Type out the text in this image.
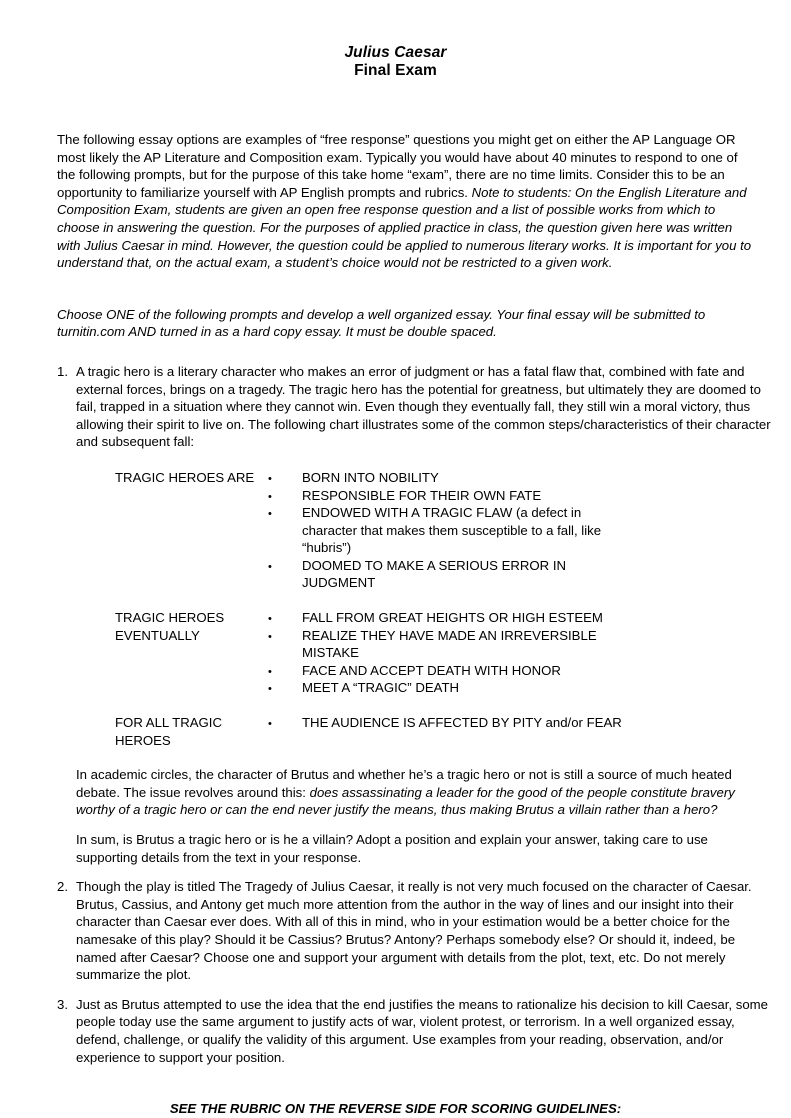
Julius Caesar
Final Exam

The following essay options are examples of “free response” questions you might get on either the AP Language OR most likely the AP Literature and Composition exam. Typically you would have about 40 minutes to respond to one of the following prompts, but for the purpose of this take home “exam”, there are no time limits. Consider this to be an opportunity to familiarize yourself with AP English prompts and rubrics. Note to students: On the English Literature and Composition Exam, students are given an open free response question and a list of possible works from which to choose in answering the question. For the purposes of applied practice in class, the question given here was written with Julius Caesar in mind. However, the question could be applied to numerous literary works. It is important for you to understand that, on the actual exam, a student’s choice would not be restricted to a given work.

Choose ONE of the following prompts and develop a well organized essay. Your final essay will be submitted to turnitin.com AND turned in as a hard copy essay. It must be double spaced.

1. A tragic hero is a literary character who makes an error of judgment or has a fatal flaw that, combined with fate and external forces, brings on a tragedy. The tragic hero has the potential for greatness, but ultimately they are doomed to fail, trapped in a situation where they cannot win. Even though they eventually fall, they still win a moral victory, thus allowing their spirit to live on. The following chart illustrates some of the common steps/characteristics of their character and subsequent fall:
TRAGIC HEROES ARE •	BORN INTO NOBILITY
•
RESPONSIBLE FOR THEIR OWN FATE
•
ENDOWED WITH A TRAGIC FLAW (a defect in character that makes them susceptible to a fall, like “hubris”)
•
DOOMED TO MAKE A SERIOUS ERROR IN JUDGMENT
TRAGIC HEROES EVENTUALLY
•
FALL FROM GREAT HEIGHTS OR HIGH ESTEEM
•
REALIZE THEY HAVE MADE AN IRREVERSIBLE MISTAKE
•
FACE AND ACCEPT DEATH WITH HONOR
•
MEET A “TRAGIC” DEATH
FOR ALL TRAGIC HEROES
•
THE AUDIENCE IS AFFECTED BY PITY and/or FEAR
In academic circles, the character of Brutus and whether he’s a tragic hero or not is still a source of much heated debate. The issue revolves around this: does assassinating a leader for the good of the people constitute bravery worthy of a tragic hero or can the end never justify the means, thus making Brutus a villain rather than a hero?
In sum, is Brutus a tragic hero or is he a villain? Adopt a position and explain your answer, taking care to use supporting details from the text in your response.
2. Though the play is titled The Tragedy of Julius Caesar, it really is not very much focused on the character of Caesar. Brutus, Cassius, and Antony get much more attention from the author in the way of lines and our insight into their character than Caesar ever does. With all of this in mind, who in your estimation would be a better choice for the namesake of this play? Should it be Cassius? Brutus? Antony? Perhaps somebody else? Or should it, indeed, be named after Caesar? Choose one and support your argument with details from the plot, text, etc. Do not merely summarize the plot.
3. Just as Brutus attempted to use the idea that the end justifies the means to rationalize his decision to kill Caesar, some people today use the same argument to justify acts of war, violent protest, or terrorism. In a well organized essay, defend, challenge, or qualify the validity of this argument. Use examples from your reading, observation, and/or experience to support your position.
SEE THE RUBRIC ON THE REVERSE SIDE FOR SCORING GUIDELINES:
